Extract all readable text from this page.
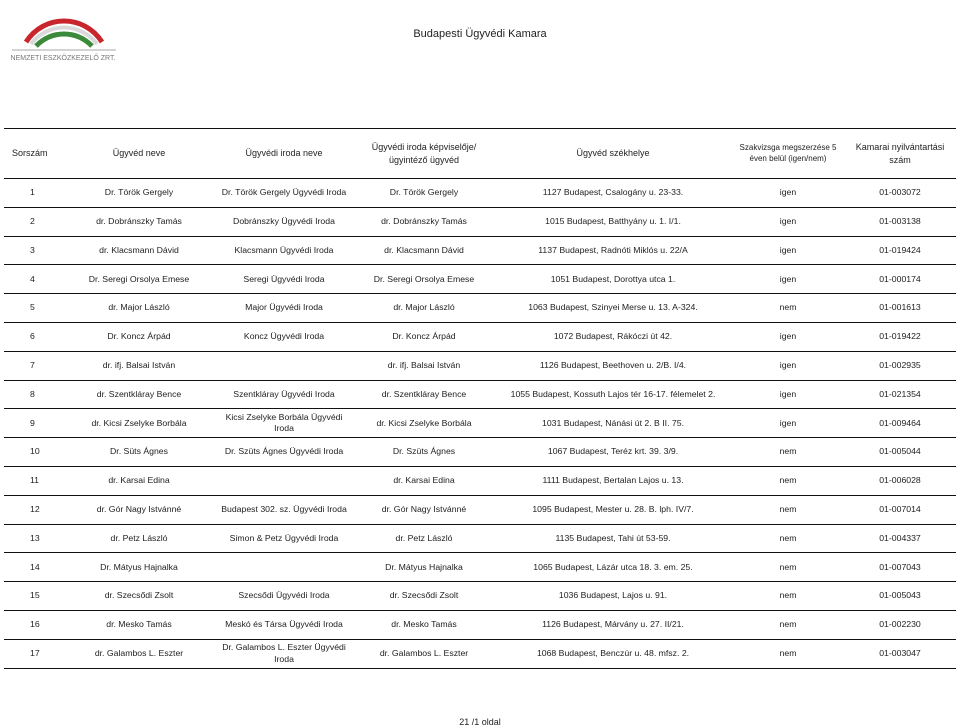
NEMZETI ESZKÖZKEZELŐ ZRT.
Budapesti Ügyvédi Kamara
Sorszám	Ügyvéd neve	Ügyvédi iroda neve	Ügyvédi iroda képviselője/ ügyintéző ügyvéd	Ügyvéd székhelye	Szakvizsga megszerzése 5 éven belül (igen/nem)	Kamarai nyilvántartási szám
1	Dr. Török Gergely	Dr. Török Gergely Ügyvédi Iroda	Dr. Török Gergely	1127 Budapest, Csalogány u. 23-33.	igen	01-003072
2	dr. Dobránszky Tamás	Dobránszky Ügyvédi Iroda	dr. Dobránszky Tamás	1015 Budapest, Batthyány u. 1. I/1.	igen	01-003138
3	dr. Klacsmann Dávid	Klacsmann Ügyvédi Iroda	dr. Klacsmann Dávid	1137 Budapest, Radnóti Miklós u. 22/A	igen	01-019424
4	Dr. Seregi Orsolya Emese	Seregi Ügyvédi Iroda	Dr. Seregi Orsolya Emese	1051 Budapest, Dorottya utca 1.	igen	01-000174
5	dr. Major László	Major Ügyvédi Iroda	dr. Major László	1063 Budapest, Szinyei Merse u. 13. A-324.	nem	01-001613
6	Dr. Koncz Árpád	Koncz Ügyvédi Iroda	Dr. Koncz Árpád	1072 Budapest, Rákóczi út 42.	igen	01-019422
7	dr. ifj. Balsai István		dr. ifj. Balsai István	1126 Budapest, Beethoven u. 2/B. I/4.	igen	01-002935
8	dr. Szentkláray Bence	Szentkláray Ügyvédi Iroda	dr. Szentkláray Bence	1055 Budapest, Kossuth Lajos tér 16-17. félemelet 2.	igen	01-021354
9	dr. Kicsi Zselyke Borbála	Kicsi Zselyke Borbála Ügyvédi Iroda	dr. Kicsi Zselyke Borbála	1031 Budapest, Nánási út 2. B II. 75.	igen	01-009464
10	Dr. Süts Ágnes	Dr. Szüts Ágnes Ügyvédi Iroda	Dr. Szüts Ágnes	1067 Budapest, Teréz krt. 39. 3/9.	nem	01-005044
11	dr. Karsai Edina		dr. Karsai Edina	1111 Budapest, Bertalan Lajos u. 13.	nem	01-006028
12	dr. Gór Nagy Istvánné	Budapest 302. sz. Ügyvédi Iroda	dr. Gór Nagy Istvánné	1095 Budapest, Mester u. 28. B. lph. IV/7.	nem	01-007014
13	dr. Petz László	Simon & Petz Ügyvédi Iroda	dr. Petz László	1135 Budapest, Tahi út 53-59.	nem	01-004337
14	Dr. Mátyus Hajnalka		Dr. Mátyus Hajnalka	1065 Budapest, Lázár utca 18. 3. em. 25.	nem	01-007043
15	dr. Szecsődi Zsolt	Szecsődi Ügyvédi Iroda	dr. Szecsődi Zsolt	1036 Budapest, Lajos u. 91.	nem	01-005043
16	dr. Mesko Tamás	Meskó és Társa Ügyvédi Iroda	dr. Mesko Tamás	1126 Budapest, Márvány u. 27. II/21.	nem	01-002230
17	dr. Galambos L. Eszter	Dr. Galambos L. Eszter Ügyvédi Iroda	dr. Galambos L. Eszter	1068 Budapest, Benczúr u. 48. mfsz. 2.	nem	01-003047
21 /1 oldal
